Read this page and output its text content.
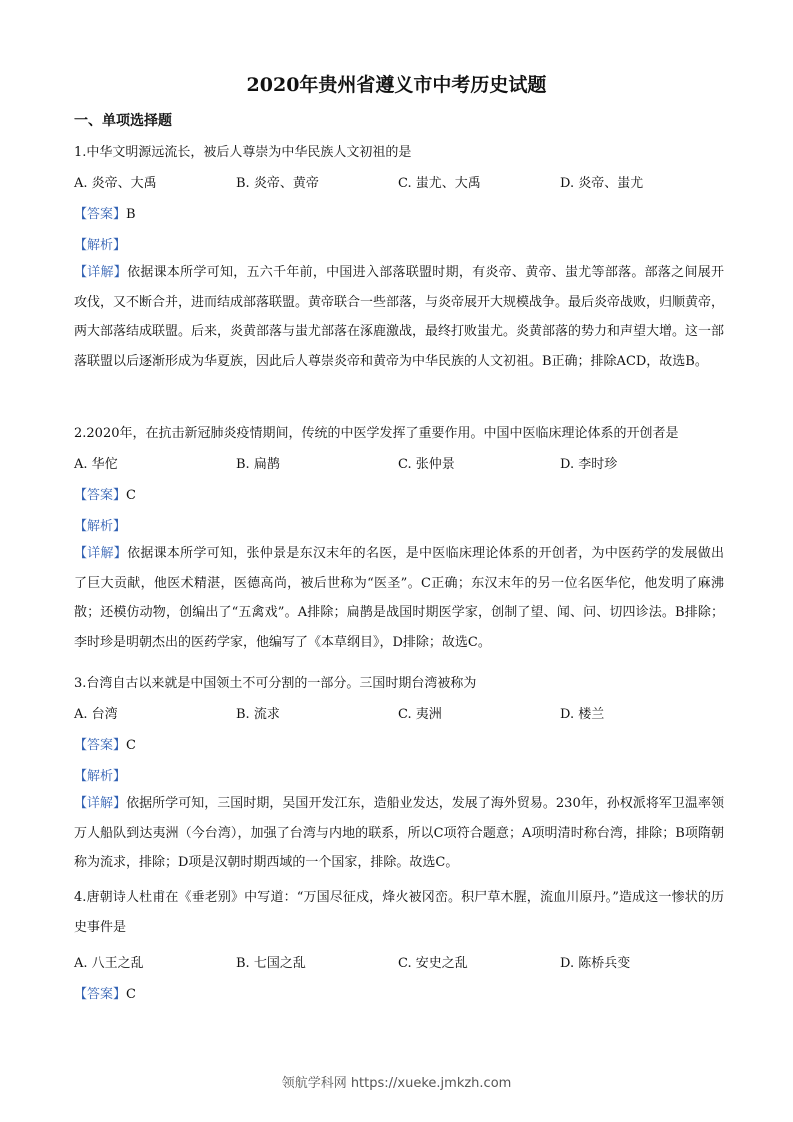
2020年贵州省遵义市中考历史试题
一、单项选择题
1.中华文明源远流长，被后人尊崇为中华民族人文初祖的是
A. 炎帝、大禹	B. 炎帝、黄帝	C. 蚩尤、大禹	D. 炎帝、蚩尤
【答案】B
【解析】
【详解】依据课本所学可知，五六千年前，中国进入部落联盟时期，有炎帝、黄帝、蚩尤等部落。部落之间展开攻伐，又不断合并，进而结成部落联盟。黄帝联合一些部落，与炎帝展开大规模战争。最后炎帝战败，归顺黄帝，两大部落结成联盟。后来，炎黄部落与蚩尤部落在涿鹿激战，最终打败蚩尤。炎黄部落的势力和声望大增。这一部落联盟以后逐渐形成为华夏族，因此后人尊崇炎帝和黄帝为中华民族的人文初祖。B正确；排除ACD，故选B。
2.2020年，在抗击新冠肺炎疫情期间，传统的中医学发挥了重要作用。中国中医临床理论体系的开创者是
A. 华佗	B. 扁鹊	C. 张仲景	D. 李时珍
【答案】C
【解析】
【详解】依据课本所学可知，张仲景是东汉末年的名医，是中医临床理论体系的开创者，为中医药学的发展做出了巨大贡献，他医术精湛，医德高尚，被后世称为“医圣”。C正确；东汉末年的另一位名医华佗，他发明了麻沸散；还模仿动物，创编出了“五禽戏”。A排除；扁鹊是战国时期医学家，创制了望、闻、问、切四诊法。B排除；李时珍是明朝杰出的医药学家，他编写了《本草纲目》，D排除；故选C。
3.台湾自古以来就是中国领土不可分割的一部分。三国时期台湾被称为
A. 台湾	B. 流求	C. 夷洲	D. 楼兰
【答案】C
【解析】
【详解】依据所学可知，三国时期，吴国开发江东，造船业发达，发展了海外贸易。230年，孙权派将军卫温率领万人船队到达夷洲（今台湾），加强了台湾与内地的联系，所以C项符合题意；A项明清时称台湾，排除；B项隋朝称为流求，排除；D项是汉朝时期西域的一个国家，排除。故选C。
4.唐朝诗人杜甫在《垂老别》中写道：“万国尽征戍，烽火被冈峦。积尸草木腥，流血川原丹。”造成这一惨状的历史事件是
A. 八王之乱	B. 七国之乱	C. 安史之乱	D. 陈桥兵变
【答案】C
领航学科网 https://xueke.jmkzh.com
